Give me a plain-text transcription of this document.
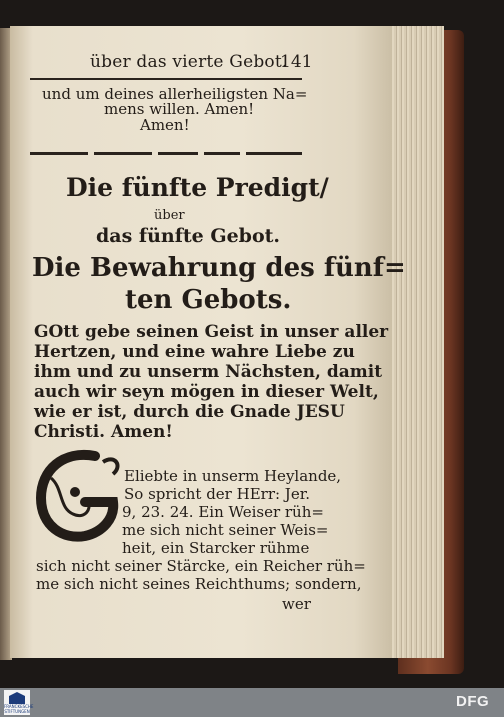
über das vierte Gebot.
141
und um deines allerheiligsten Na=
mens willen. Amen!
Amen!
Die fünfte Predigt/
über
das fünfte Gebot.
Die Bewahrung des fünf=
ten Gebots.
GOtt gebe seinen Geist in unser aller
Hertzen, und eine wahre Liebe zu
ihm und zu unserm Nächsten, damit
auch wir seyn mögen in dieser Welt,
wie er ist, durch die Gnade JESU
Christi. Amen!
Eliebte in unserm Heylande,
So spricht der HErr: Jer.
9, 23. 24. Ein Weiser rüh=
me sich nicht seiner Weis=
heit, ein Starcker rühme
sich nicht seiner Stärcke, ein Reicher rüh=
me sich nicht seines Reichthums; sondern,
wer
FRANCKESCHE STIFTUNGEN
DFG
